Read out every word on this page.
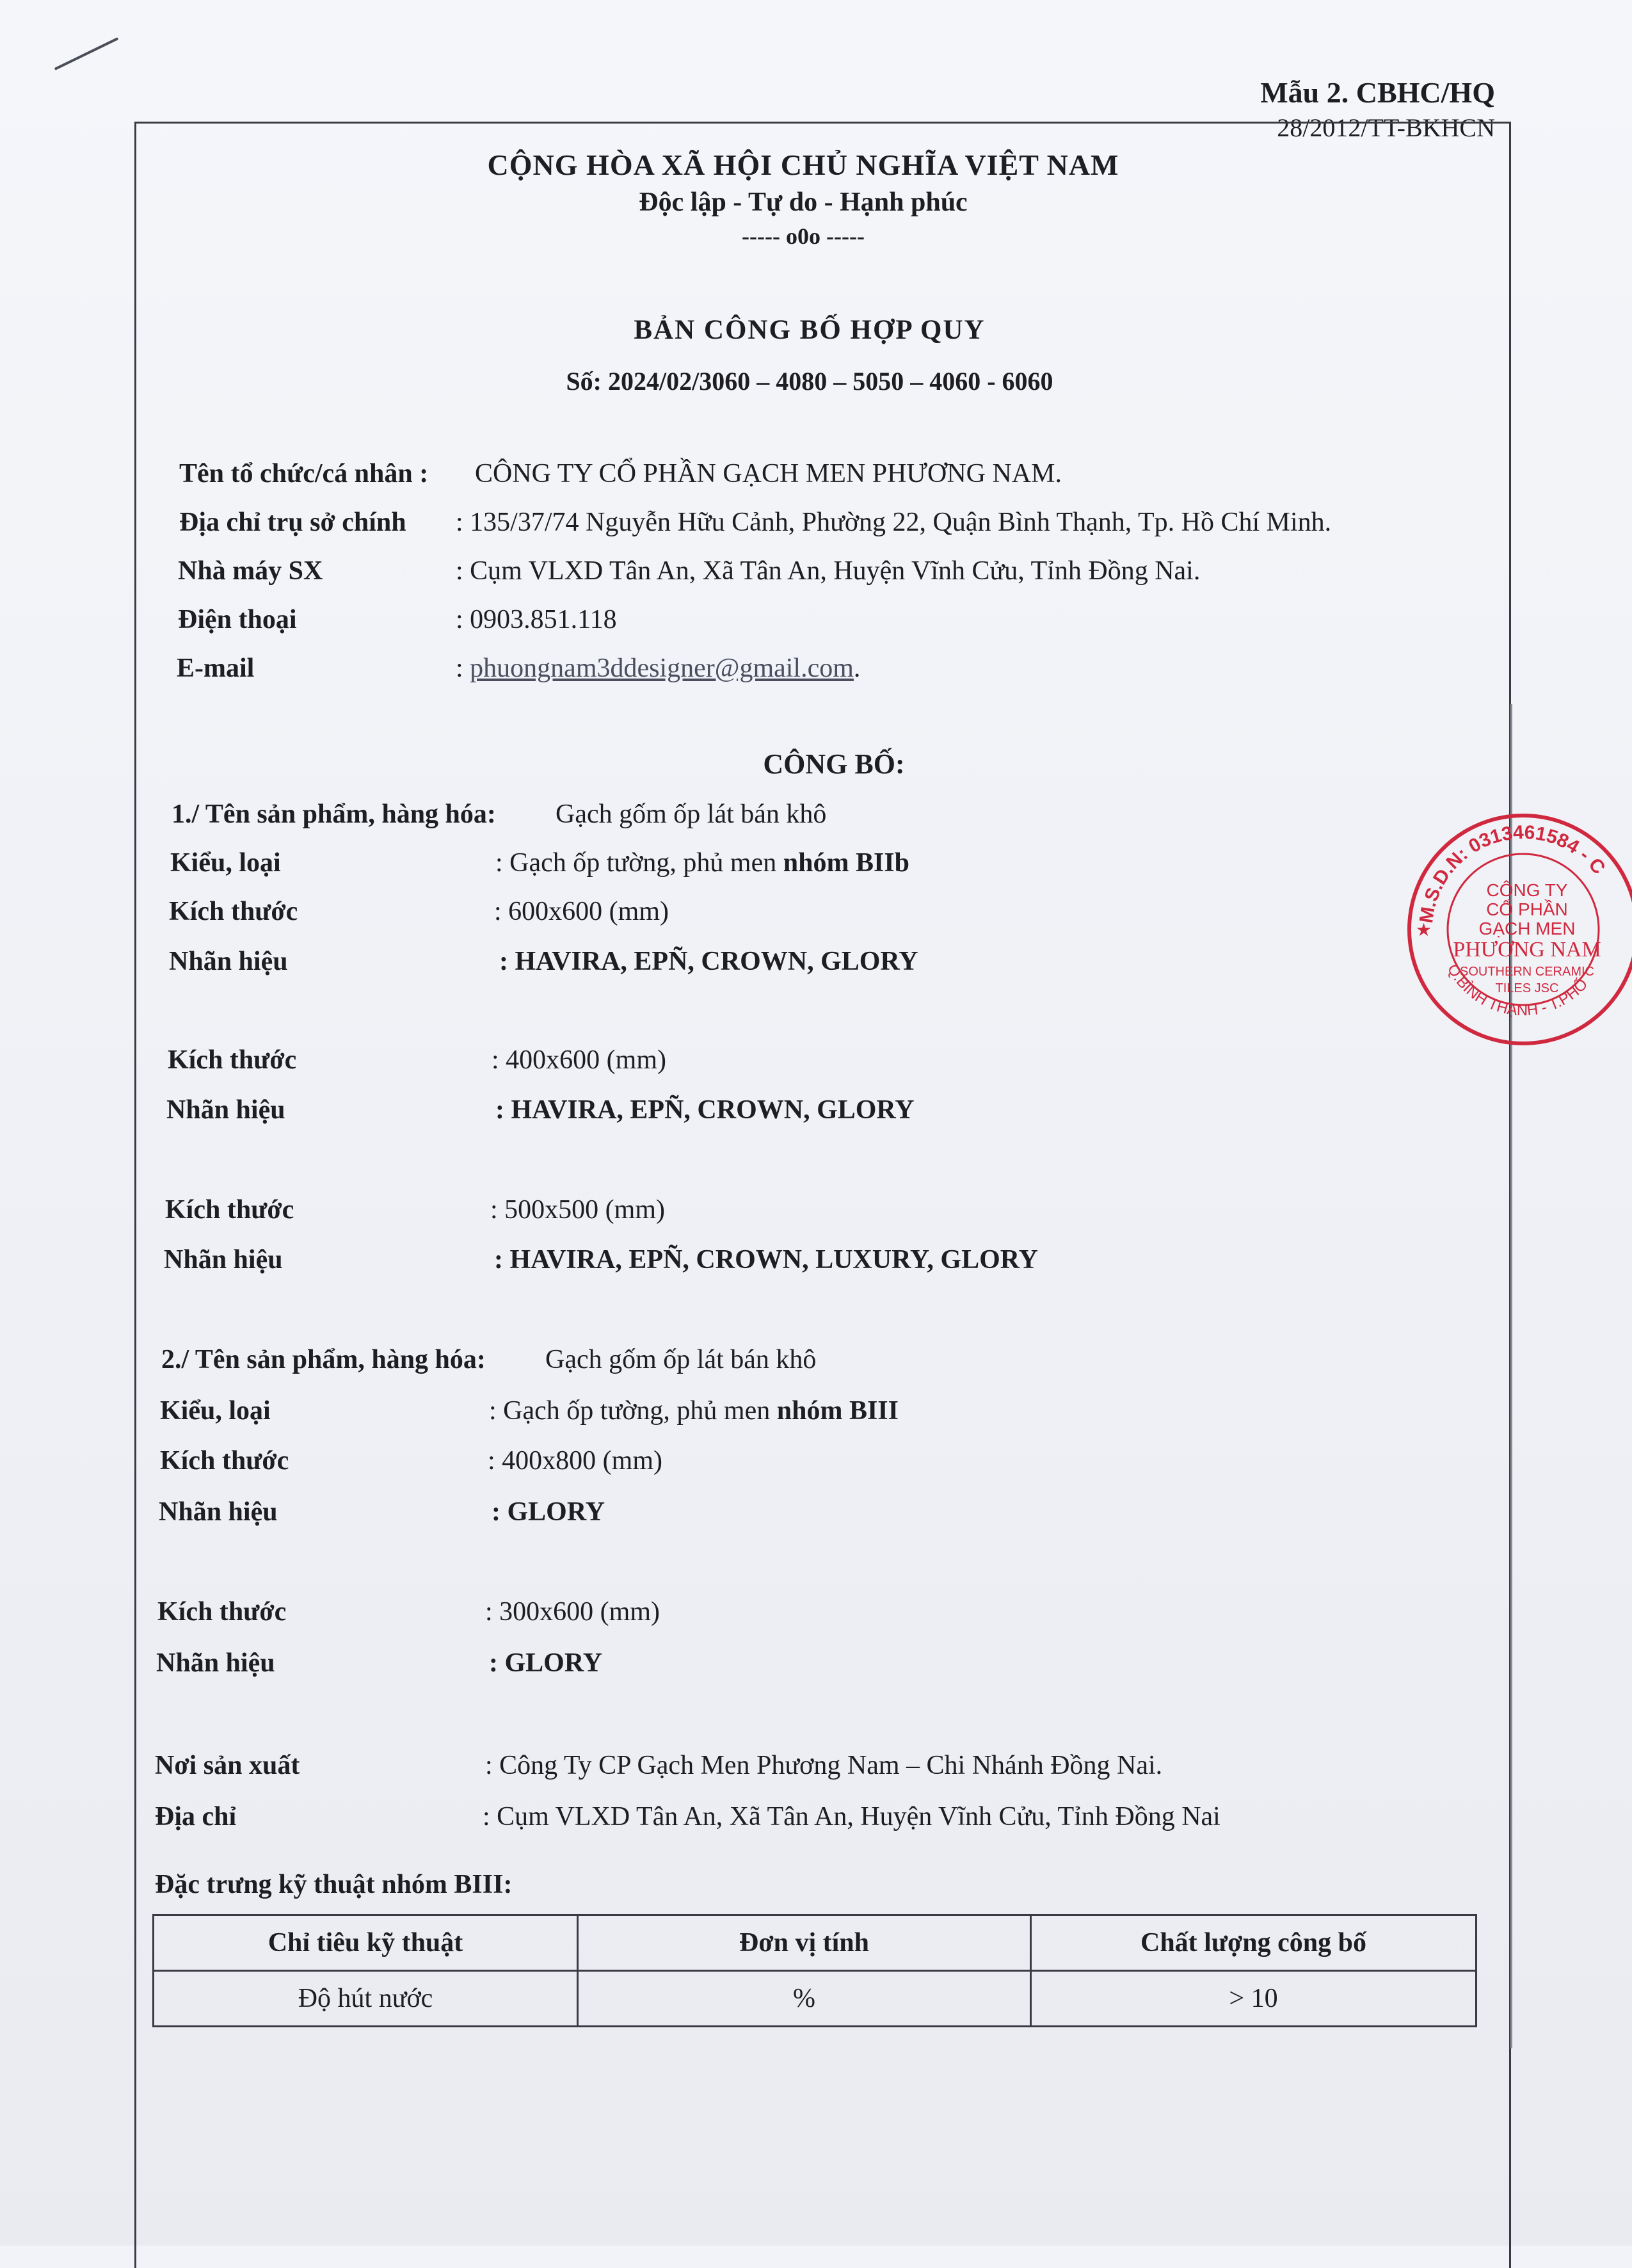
Mẫu 2. CBHC/HQ
28/2012/TT-BKHCN
CỘNG HÒA XÃ HỘI CHỦ NGHĨA VIỆT NAM
Độc lập - Tự do - Hạnh phúc
----- o0o -----
BẢN CÔNG BỐ HỢP QUY
Số: 2024/02/3060 – 4080 – 5050 – 4060 - 6060
Tên tổ chức/cá nhân : CÔNG TY CỔ PHẦN GẠCH MEN PHƯƠNG NAM.
Địa chỉ trụ sở chính : 135/37/74 Nguyễn Hữu Cảnh, Phường 22, Quận Bình Thạnh, Tp. Hồ Chí Minh.
Nhà máy SX	: Cụm VLXD Tân An, Xã Tân An, Huyện Vĩnh Cửu, Tỉnh Đồng Nai.
Điện thoại	: 0903.851.118
E-mail	: phuongnam3ddesigner@gmail.com.
CÔNG BỐ:
1./ Tên sản phẩm, hàng hóa: Gạch gốm ốp lát bán khô
Kiểu, loại	: Gạch ốp tường, phủ men nhóm BIIb
Kích thước	: 600x600 (mm)
Nhãn hiệu	: HAVIRA, EPÑ, CROWN, GLORY
Kích thước	: 400x600 (mm)
Nhãn hiệu	: HAVIRA, EPÑ, CROWN, GLORY
Kích thước	: 500x500 (mm)
Nhãn hiệu	: HAVIRA, EPÑ, CROWN, LUXURY, GLORY
2./ Tên sản phẩm, hàng hóa: Gạch gốm ốp lát bán khô
Kiểu, loại	: Gạch ốp tường, phủ men nhóm BIII
Kích thước	: 400x800 (mm)
Nhãn hiệu	: GLORY
Kích thước	: 300x600 (mm)
Nhãn hiệu	: GLORY
Nơi sản xuất	: Công Ty CP Gạch Men Phương Nam – Chi Nhánh Đồng Nai.
Địa chỉ	: Cụm VLXD Tân An, Xã Tân An, Huyện Vĩnh Cửu, Tỉnh Đồng Nai
Đặc trưng kỹ thuật nhóm BIII:
Chỉ tiêu kỹ thuật	Đơn vị tính	Chất lượng công bố
Độ hút nước	%	> 10
M.S.D.N: 0313461584 - C
Q.BÌNH THẠNH - T.PHỐ
★
CÔNG TY
CỔ PHẦN
GẠCH MEN
PHƯƠNG NAM
SOUTHERN CERAMIC
TILES JSC
